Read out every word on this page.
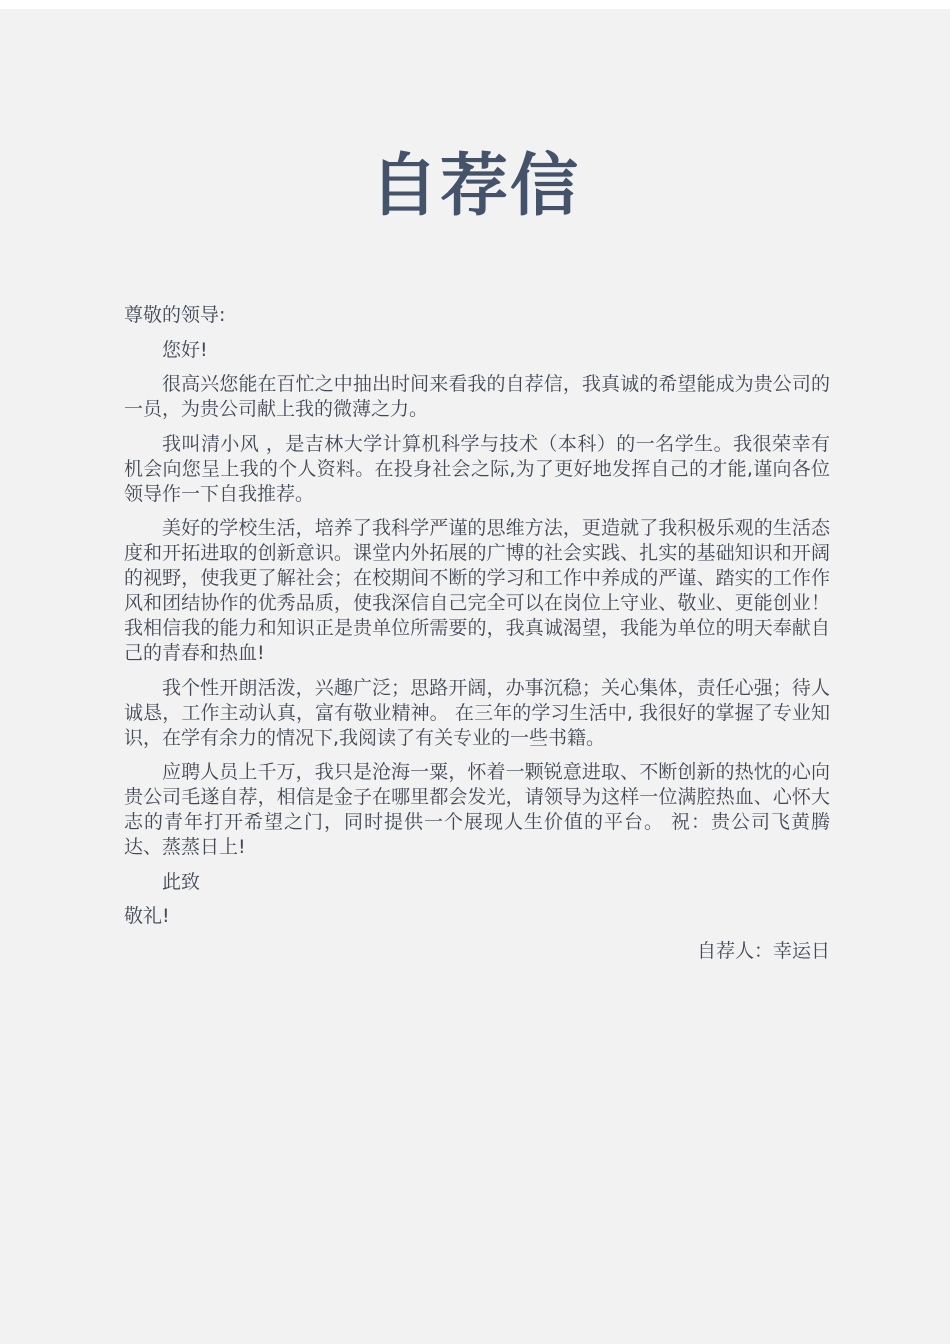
自荐信

尊敬的领导:

您好!

很高兴您能在百忙之中抽出时间来看我的自荐信，我真诚的希望能成为贵公司的一员，为贵公司献上我的微薄之力。

我叫清小风 ，是吉林大学计算机科学与技术（本科）的一名学生。我很荣幸有机会向您呈上我的个人资料。在投身社会之际,为了更好地发挥自己的才能,谨向各位领导作一下自我推荐。

美好的学校生活，培养了我科学严谨的思维方法，更造就了我积极乐观的生活态度和开拓进取的创新意识。课堂内外拓展的广博的社会实践、扎实的基础知识和开阔的视野，使我更了解社会；在校期间不断的学习和工作中养成的严谨、踏实的工作作风和团结协作的优秀品质，使我深信自己完全可以在岗位上守业、敬业、更能创业！我相信我的能力和知识正是贵单位所需要的，我真诚渴望，我能为单位的明天奉献自己的青春和热血!

我个性开朗活泼，兴趣广泛；思路开阔，办事沉稳；关心集体，责任心强；待人诚恳，工作主动认真，富有敬业精神。 在三年的学习生活中, 我很好的掌握了专业知识，在学有余力的情况下,我阅读了有关专业的一些书籍。

应聘人员上千万，我只是沧海一粟，怀着一颗锐意进取、不断创新的热忱的心向贵公司毛遂自荐，相信是金子在哪里都会发光，请领导为这样一位满腔热血、心怀大志的青年打开希望之门，同时提供一个展现人生价值的平台。 祝：贵公司飞黄腾达、蒸蒸日上!

此致

敬礼!

自荐人：幸运日
